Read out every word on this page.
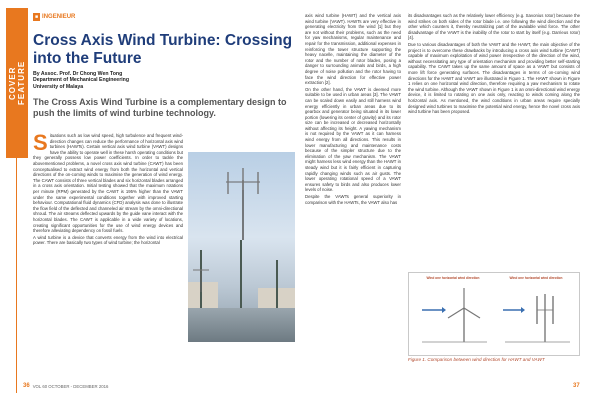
COVER FEATURE
■ INGENIEUR
Cross Axis Wind Turbine: Crossing into the Future
By Assoc. Prof. Dr Chong Wen Tong
Department of Mechanical Engineering
University of Malaya

The Cross Axis Wind Turbine is a complementary design to push the limits of wind turbine technology.

Situations such as low wind speed, high turbulence and frequent wind-direction changes can reduce the performance of horizontal axis wind turbines (HAWTs). Certain vertical axis wind turbine (VAWT) designs have the ability to operate well in these harsh operating conditions but they generally possess low power coefficients. In order to tackle the abovementioned problems, a novel cross axis wind turbine (CAWT) has been conceptualised to extract wind energy from both the horizontal and vertical directions of the on-coming winds to maximise the generation of wind energy. The CAWT consists of three vertical blades and six horizontal blades arranged in a cross axis orientation. Initial testing showed that the maximum rotations per minute (RPM) generated by the CAWT is 195% higher than the VAWT under the same experimental conditions together with improved starting behaviour. Computational fluid dynamics (CFD) analysis was done to illustrate the flow field of the deflected and channeled air stream by the omni-directional shroud. The air streams deflected upwards by the guide vane interact with the horizontal blades. The CAWT is applicable in a wide variety of locations, creating significant opportunities for the use of wind energy devices and therefore alleviating dependency on fossil fuels.

A wind turbine is a device that converts energy from the wind into electrical power. There are basically two types of wind turbine; the horizontal

axis wind turbine (HAWT) and the vertical axis wind turbine (VAWT). HAWTs are very effective in generating electricity from the wind [1] but they are not without their problems, such as the need for yaw mechanisms, regular maintenance and repair for the transmission, additional expenses in reinforcing the tower structure supporting the heavy nacelle, maintaining the diameter of the rotor and the number of rotor blades, posing a danger to surrounding animals and birds, a high degree of noise pollution and the rotor having to face the wind direction for effective power extraction [2].

On the other hand, the VAWT is deemed more suitable to be used in urban areas [3]. The VAWT can be scaled down easily and still harness wind energy efficiently in urban areas due to its gearbox and generator being situated in its lower portion (lowering its center of gravity) and its rotor size can be increased or decreased horizontally without affecting its height. A yawing mechanism is not required by the VAWT as it can harness wind energy from all directions. This results in lower manufacturing and maintenance costs because of the simpler structure due to the elimination of the yaw mechanism. The VAWT might harness less wind energy than the HAWT in steady wind but it is fairly efficient in capturing rapidly changing winds such as air gusts. The lower operating rotational speed of a VAWT ensures safety to birds and also produces lower levels of noise.

Despite the VAWTs general superiority in comparison with the HAWTs, the VAWT also has

its disadvantages such as the relatively lower efficiency (e.g. Savonius rotor) because the wind strikes on both sides of the rotor blade i.e. one following the wind direction and the other which counters it, thereby neutralizing part of the available wind force. The other disadvantage of the VAWT is the inability of the rotor to start by itself (e.g. Darrieus rotor) [4].

Due to various disadvantages of both the VAWT and the HAWT, the main objective of the project is to overcome these drawbacks by introducing a cross axis wind turbine (CAWT) capable of maximum exploitation of wind power irrespective of the direction of the wind, without necessitating any type of orientation mechanism and providing better self-starting capability. The CAWT takes up the same amount of space as a VAWT but consists of more lift force generating surfaces. The disadvantages in terms of on-coming wind directions for the HAWT and VAWT are illustrated in Figure 1. The HAWT shown in Figure 1 relies on one horizontal wind direction, therefore requiring a yaw mechanism to rotate the wind turbine. Although the VAWT shown in Figure 1 is an omni-directional wind energy device, it is limited to rotating on one axis only, reacting to winds coming along the horizontal axis. As mentioned, the wind conditions in urban areas require specially designed wind turbines to maximise the potential wind energy, hence the novel cross axis wind turbine has been proposed.

Wind one horizontal wind direction	Wind one horizontal wind direction
Figure 1. Comparison between wind direction for HAWT and VAWT
36 VOL 60 OCTOBER - DECEMBER 2016	37
